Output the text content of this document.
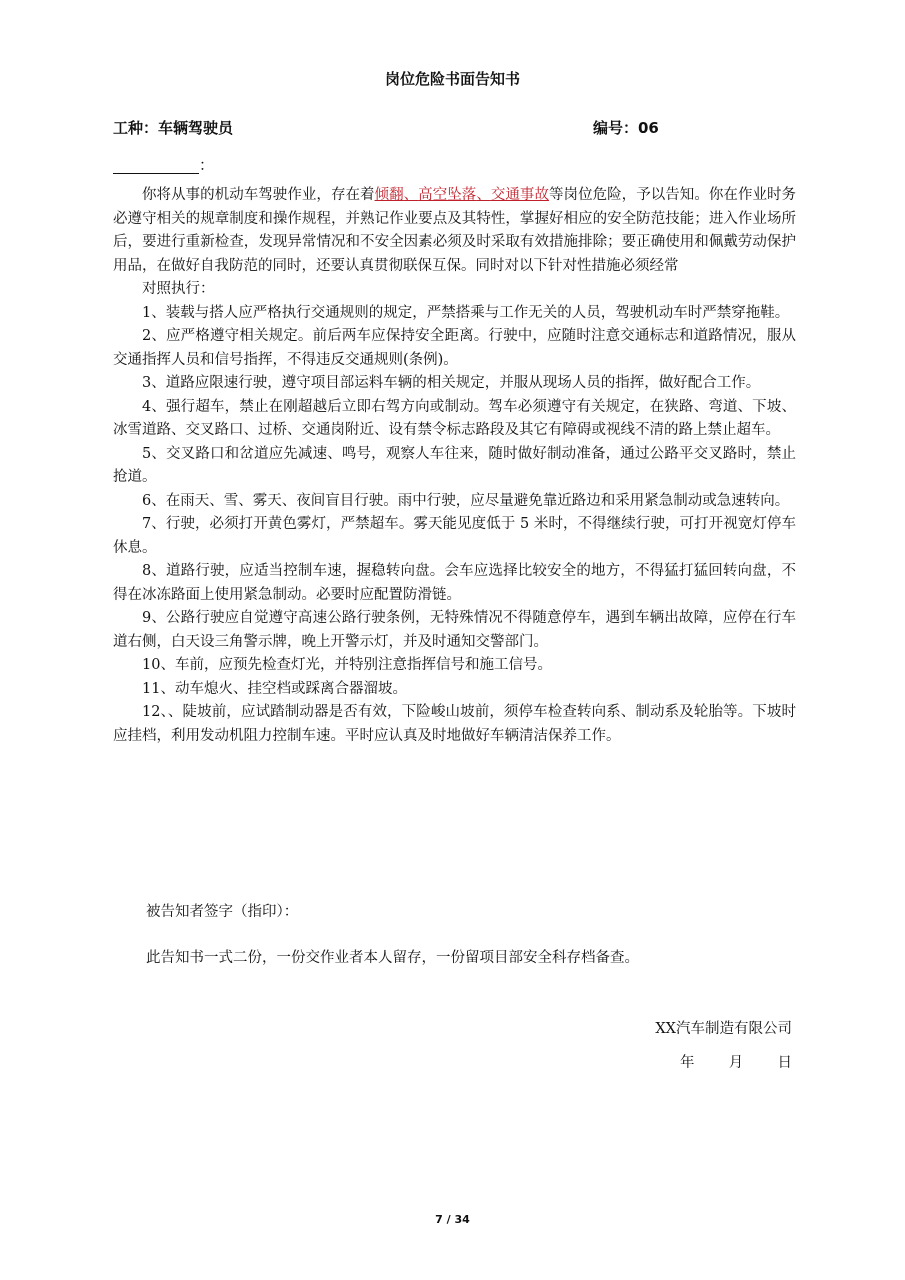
岗位危险书面告知书
工种：车辆驾驶员	编号：06
：

你将从事的机动车驾驶作业，存在着倾翻、高空坠落、交通事故等岗位危险，予以告知。你在作业时务必遵守相关的规章制度和操作规程，并熟记作业要点及其特性，掌握好相应的安全防范技能；进入作业场所后，要进行重新检查，发现异常情况和不安全因素必须及时采取有效措施排除；要正确使用和佩戴劳动保护用品，在做好自我防范的同时，还要认真贯彻联保互保。同时对以下针对性措施必须经常

对照执行：

1、装载与搭人应严格执行交通规则的规定，严禁搭乘与工作无关的人员，驾驶机动车时严禁穿拖鞋。

2、应严格遵守相关规定。前后两车应保持安全距离。行驶中，应随时注意交通标志和道路情况，服从交通指挥人员和信号指挥，不得违反交通规则(条例)。

3、道路应限速行驶，遵守项目部运料车辆的相关规定，并服从现场人员的指挥，做好配合工作。

4、强行超车，禁止在刚超越后立即右驾方向或制动。驾车必须遵守有关规定，在狭路、弯道、下坡、冰雪道路、交叉路口、过桥、交通岗附近、设有禁令标志路段及其它有障碍或视线不清的路上禁止超车。

5、交叉路口和岔道应先减速、鸣号，观察人车往来，随时做好制动准备，通过公路平交叉路时，禁止抢道。

6、在雨天、雪、雾天、夜间盲目行驶。雨中行驶，应尽量避免靠近路边和采用紧急制动或急速转向。

7、行驶，必须打开黄色雾灯，严禁超车。雾天能见度低于 5 米时，不得继续行驶，可打开视宽灯停车休息。

8、道路行驶，应适当控制车速，握稳转向盘。会车应选择比较安全的地方，不得猛打猛回转向盘，不得在冰冻路面上使用紧急制动。必要时应配置防滑链。

9、公路行驶应自觉遵守高速公路行驶条例，无特殊情况不得随意停车，遇到车辆出故障，应停在行车道右侧，白天设三角警示牌，晚上开警示灯，并及时通知交警部门。

10、车前，应预先检查灯光，并特别注意指挥信号和施工信号。

11、动车熄火、挂空档或踩离合器溜坡。

12、、陡坡前，应试踏制动器是否有效，下险峻山坡前，须停车检查转向系、制动系及轮胎等。下坡时应挂档，利用发动机阻力控制车速。平时应认真及时地做好车辆清洁保养工作。

被告知者签字（指印）：
此告知书一式二份，一份交作业者本人留存，一份留项目部安全科存档备查。
XX汽车制造有限公司
年 月 日
7 / 34
